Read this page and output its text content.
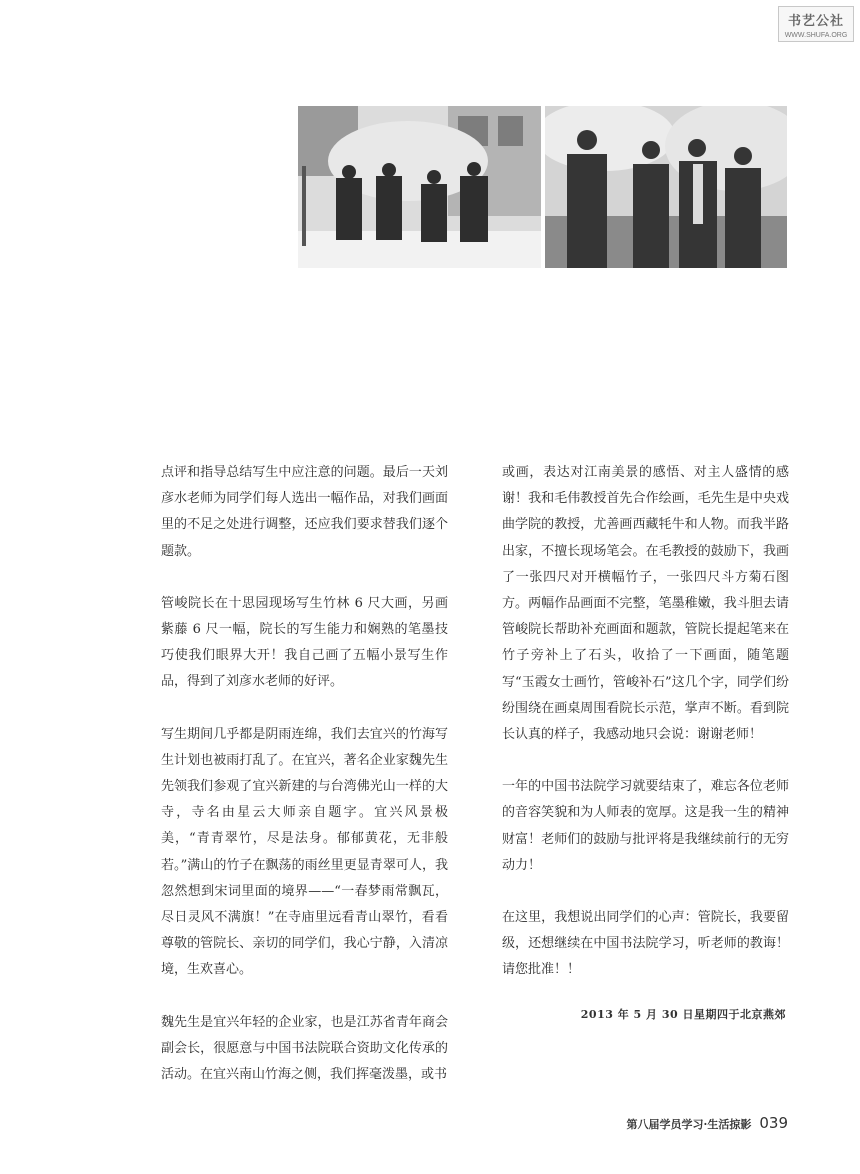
书艺公社
WWW.SHUFA.ORG

点评和指导总结写生中应注意的问题。最后一天刘彦水老师为同学们每人选出一幅作品，对我们画面里的不足之处进行调整，还应我们要求替我们逐个题款。

管峻院长在十思园现场写生竹林 6 尺大画，另画紫藤 6 尺一幅，院长的写生能力和娴熟的笔墨技巧使我们眼界大开！我自己画了五幅小景写生作品，得到了刘彦水老师的好评。

写生期间几乎都是阴雨连绵，我们去宜兴的竹海写生计划也被雨打乱了。在宜兴，著名企业家魏先生先领我们参观了宜兴新建的与台湾佛光山一样的大寺，寺名由星云大师亲自题字。宜兴风景极美，“青青翠竹，尽是法身。郁郁黄花，无非般若。”满山的竹子在飘荡的雨丝里更显青翠可人，我忽然想到宋词里面的境界——“一春梦雨常飘瓦，尽日灵风不满旗！”在寺庙里远看青山翠竹，看看尊敬的管院长、亲切的同学们，我心宁静，入清凉境，生欢喜心。

魏先生是宜兴年轻的企业家，也是江苏省青年商会副会长，很愿意与中国书法院联合资助文化传承的活动。在宜兴南山竹海之侧，我们挥毫泼墨，或书

或画，表达对江南美景的感悟、对主人盛情的感谢！我和毛伟教授首先合作绘画，毛先生是中央戏曲学院的教授，尤善画西藏牦牛和人物。而我半路出家，不擅长现场笔会。在毛教授的鼓励下，我画了一张四尺对开横幅竹子，一张四尺斗方菊石图方。两幅作品画面不完整，笔墨稚嫩，我斗胆去请管峻院长帮助补充画面和题款，管院长提起笔来在竹子旁补上了石头，收拾了一下画面，随笔题写“玉霞女士画竹，管峻补石”这几个字，同学们纷纷围绕在画桌周围看院长示范，掌声不断。看到院长认真的样子，我感动地只会说：谢谢老师！

一年的中国书法院学习就要结束了，难忘各位老师的音容笑貌和为人师表的宽厚。这是我一生的精神财富！老师们的鼓励与批评将是我继续前行的无穷动力！

在这里，我想说出同学们的心声：管院长，我要留级，还想继续在中国书法院学习，听老师的教诲！请您批准！！

2013 年 5 月 30 日星期四于北京燕郊
第八届学员学习·生活掠影 039
